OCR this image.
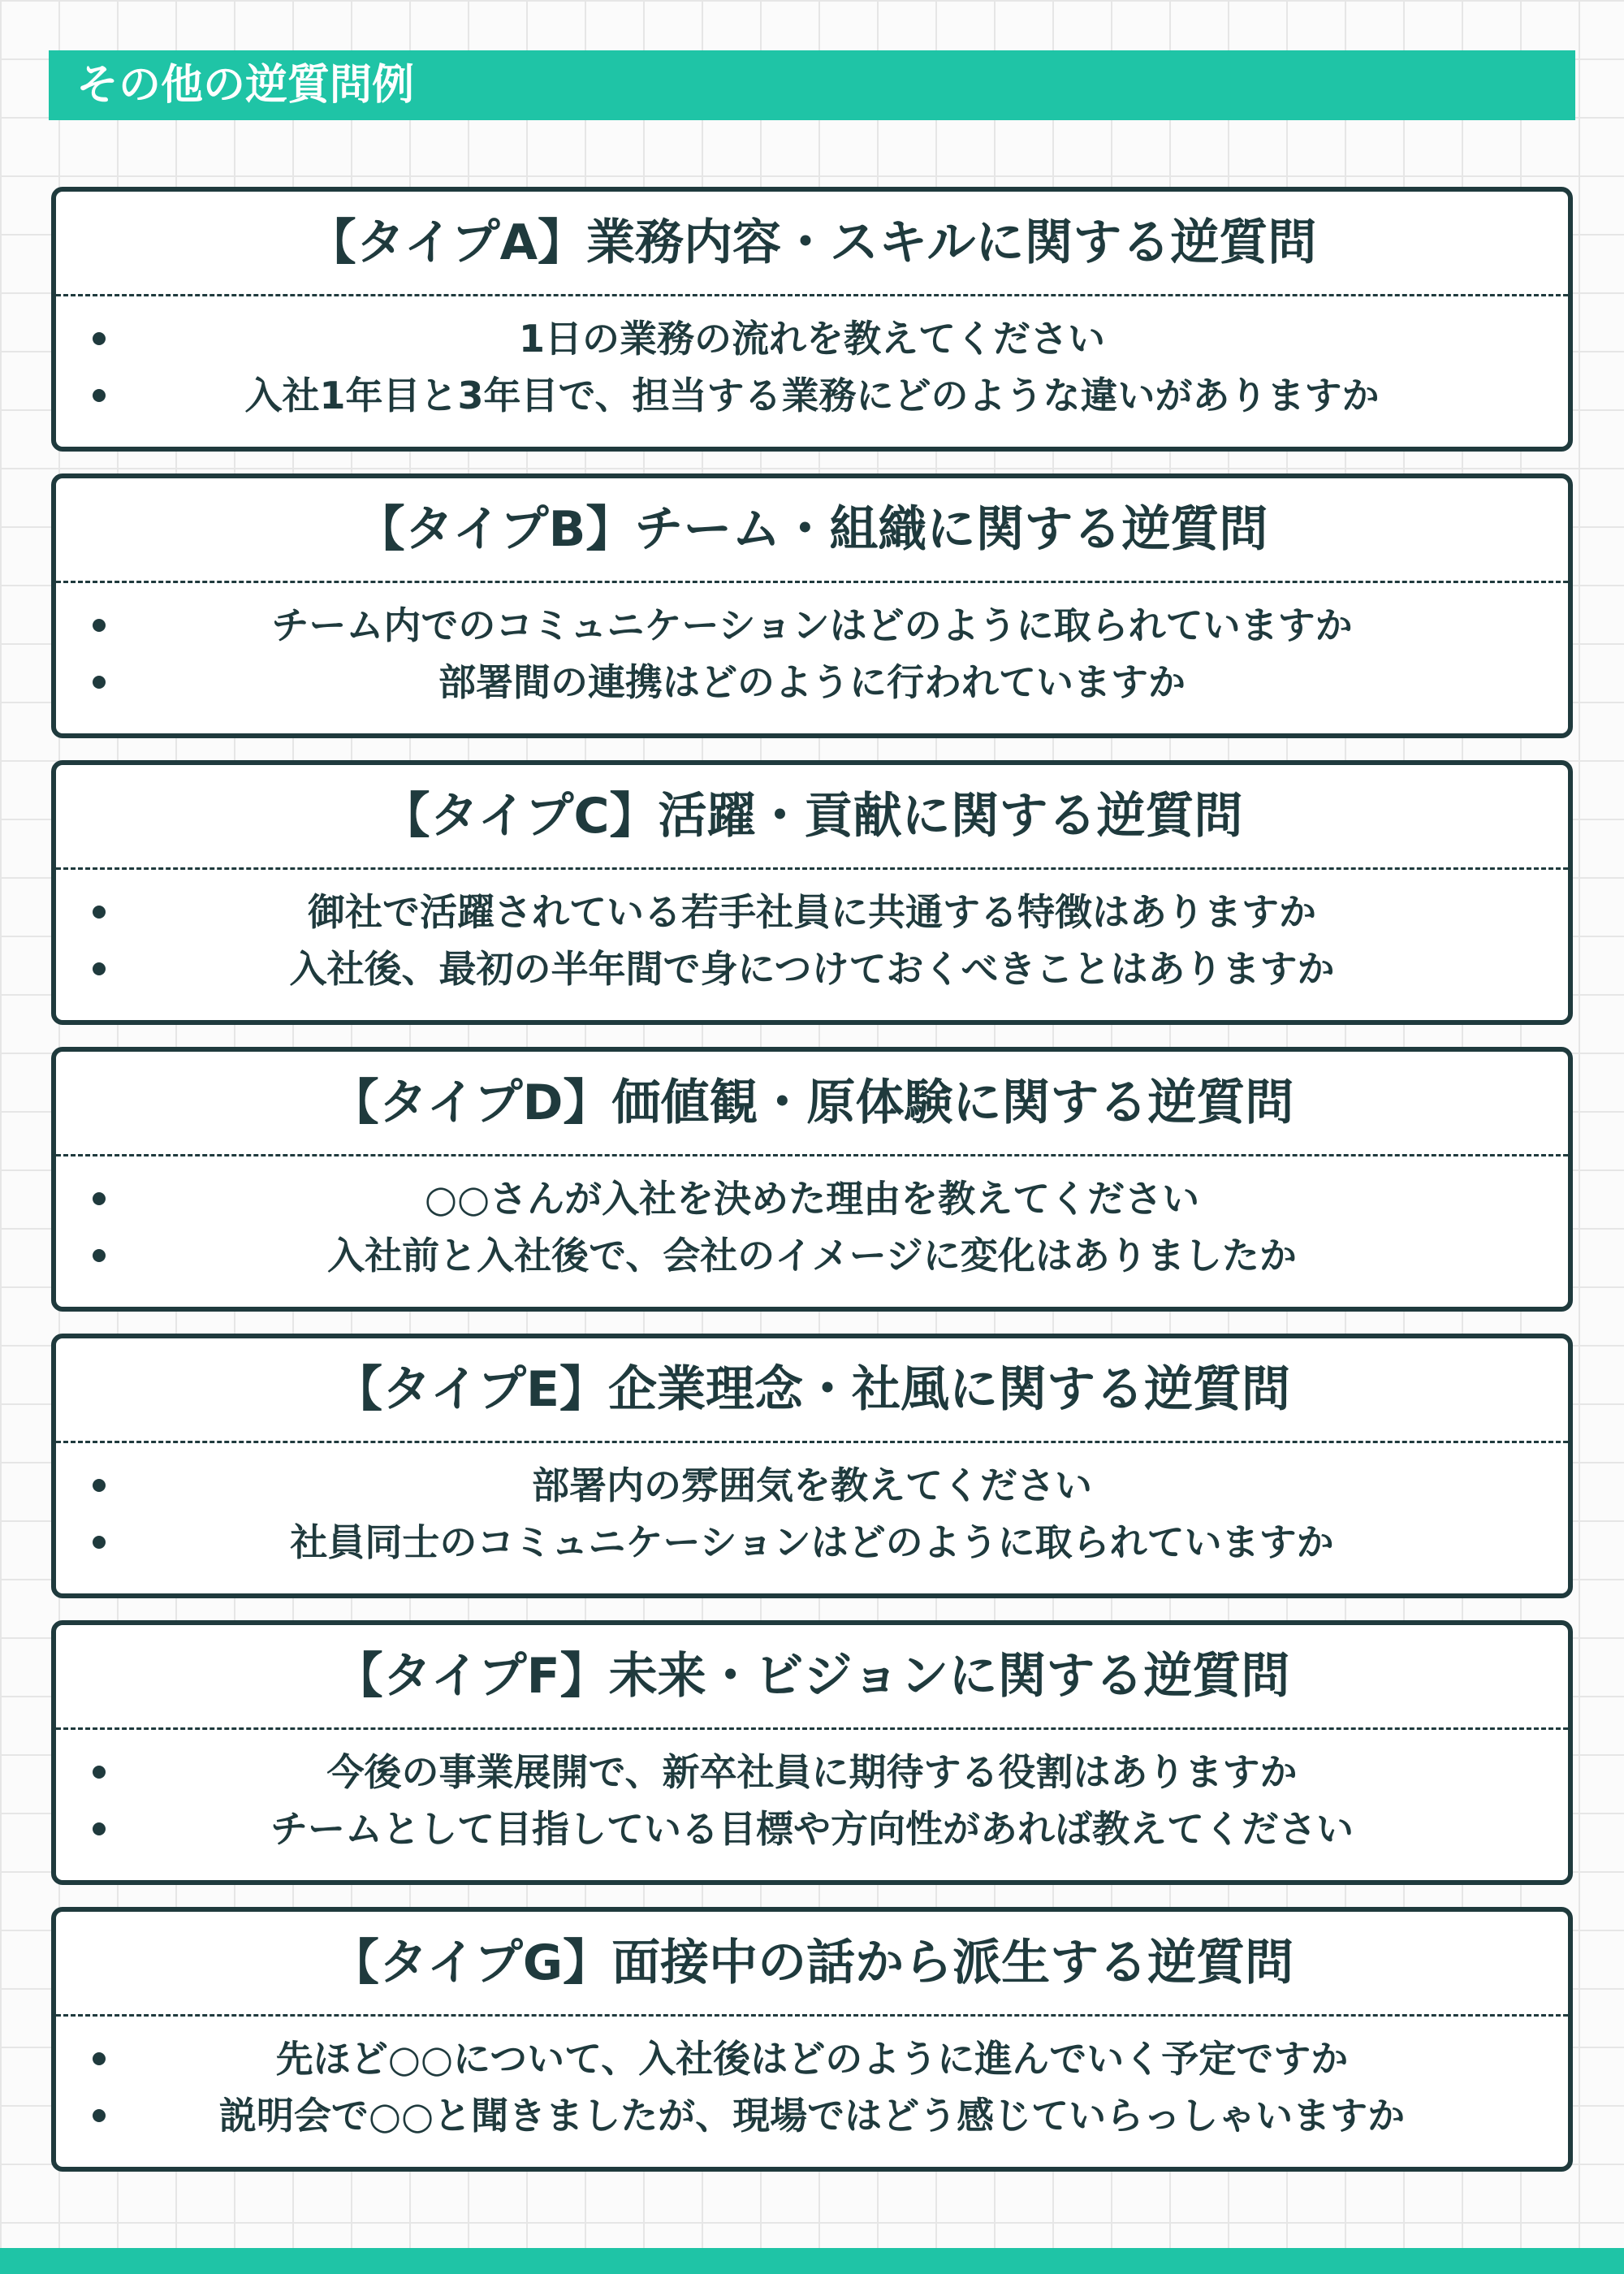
その他の逆質問例
【タイプA】業務内容・スキルに関する逆質問
1日の業務の流れを教えてください
入社1年目と3年目で、担当する業務にどのような違いがありますか
【タイプB】チーム・組織に関する逆質問
チーム内でのコミュニケーションはどのように取られていますか
部署間の連携はどのように行われていますか
【タイプC】活躍・貢献に関する逆質問
御社で活躍されている若手社員に共通する特徴はありますか
入社後、最初の半年間で身につけておくべきことはありますか
【タイプD】価値観・原体験に関する逆質問
○○さんが入社を決めた理由を教えてください
入社前と入社後で、会社のイメージに変化はありましたか
【タイプE】企業理念・社風に関する逆質問
部署内の雰囲気を教えてください
社員同士のコミュニケーションはどのように取られていますか
【タイプF】未来・ビジョンに関する逆質問
今後の事業展開で、新卒社員に期待する役割はありますか
チームとして目指している目標や方向性があれば教えてください
【タイプG】面接中の話から派生する逆質問
先ほど○○について、入社後はどのように進んでいく予定ですか
説明会で○○と聞きましたが、現場ではどう感じていらっしゃいますか
